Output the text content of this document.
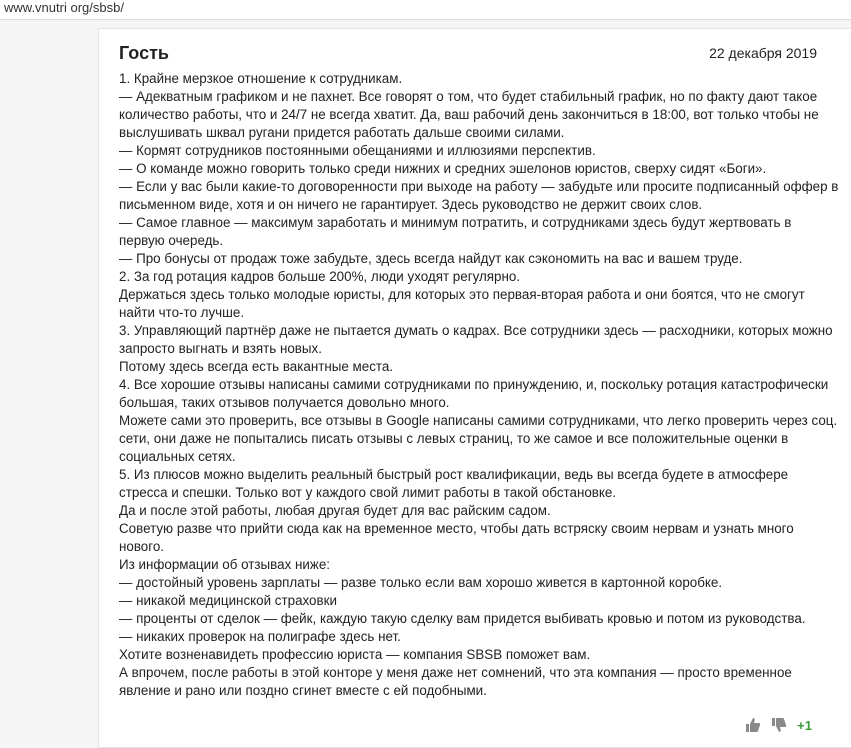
www.vnutri org/sbsb/
Гость	22 декабря 2019

1. Крайне мерзкое отношение к сотрудникам.

— Адекватным графиком и не пахнет. Все говорят о том, что будет стабильный график, но по факту дают такое количество работы, что и 24/7 не всегда хватит. Да, ваш рабочий день закончиться в 18:00, вот только чтобы не выслушивать шквал ругани придется работать дальше своими силами.

— Кормят сотрудников постоянными обещаниями и иллюзиями перспектив.

— О команде можно говорить только среди нижних и средних эшелонов юристов, сверху сидят «Боги».

— Если у вас были какие-то договоренности при выходе на работу — забудьте или просите подписанный оффер в письменном виде, хотя и он ничего не гарантирует. Здесь руководство не держит своих слов.

— Самое главное — максимум заработать и минимум потратить, и сотрудниками здесь будут жертвовать в первую очередь.

— Про бонусы от продаж тоже забудьте, здесь всегда найдут как сэкономить на вас и вашем труде.

2. За год ротация кадров больше 200%, люди уходят регулярно.

Держаться здесь только молодые юристы, для которых это первая-вторая работа и они боятся, что не смогут найти что-то лучше.

3. Управляющий партнёр даже не пытается думать о кадрах. Все сотрудники здесь — расходники, которых можно запросто выгнать и взять новых.

Потому здесь всегда есть вакантные места.

4. Все хорошие отзывы написаны самими сотрудниками по принуждению, и, поскольку ротация катастрофически большая, таких отзывов получается довольно много.

Можете сами это проверить, все отзывы в Google написаны самими сотрудниками, что легко проверить через соц. сети, они даже не попытались писать отзывы с левых страниц, то же самое и все положительные оценки в социальных сетях.

5. Из плюсов можно выделить реальный быстрый рост квалификации, ведь вы всегда будете в атмосфере стресса и спешки. Только вот у каждого свой лимит работы в такой обстановке.

Да и после этой работы, любая другая будет для вас райским садом.

Советую разве что прийти сюда как на временное место, чтобы дать встряску своим нервам и узнать много нового.

Из информации об отзывах ниже:

— достойный уровень зарплаты — разве только если вам хорошо живется в картонной коробке.

— никакой медицинской страховки

— проценты от сделок — фейк, каждую такую сделку вам придется выбивать кровью и потом из руководства.

— никаких проверок на полиграфе здесь нет.

Хотите возненавидеть профессию юриста — компания SBSB поможет вам.

А впрочем, после работы в этой конторе у меня даже нет сомнений, что эта компания — просто временное явление и рано или поздно сгинет вместе с ей подобными.

+1
